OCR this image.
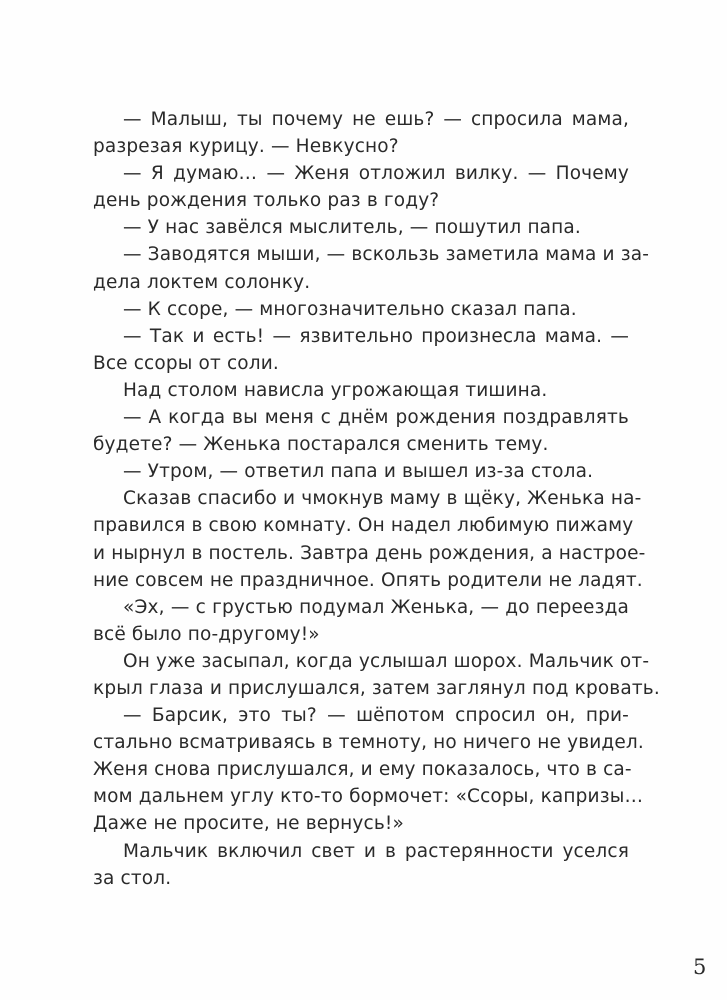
— Малыш, ты почему не ешь? — спросила мама,
разрезая курицу. — Невкусно?
— Я думаю… — Женя отложил вилку. — Почему
день рождения только раз в году?
— У нас завёлся мыслитель, — пошутил папа.
— Заводятся мыши, — вскользь заметила мама и за-
дела локтем солонку.
— К ссоре, — многозначительно сказал папа.
— Так и есть! — язвительно произнесла мама. —
Все ссоры от соли.
Над столом нависла угрожающая тишина.
— А когда вы меня с днём рождения поздравлять
будете? — Женька постарался сменить тему.
— Утром, — ответил папа и вышел из-за стола.
Сказав спасибо и чмокнув маму в щёку, Женька на-
правился в свою комнату. Он надел любимую пижаму
и нырнул в постель. Завтра день рождения, а настрое-
ние совсем не праздничное. Опять родители не ладят.
«Эх, — с грустью подумал Женька, — до переезда
всё было по-другому!»
Он уже засыпал, когда услышал шорох. Мальчик от-
крыл глаза и прислушался, затем заглянул под кровать.
— Барсик, это ты? — шёпотом спросил он, при-
стально всматриваясь в темноту, но ничего не увидел.
Женя снова прислушался, и ему показалось, что в са-
мом дальнем углу кто-то бормочет: «Ссоры, капризы…
Даже не просите, не вернусь!»
Мальчик включил свет и в растерянности уселся
за стол.
5
